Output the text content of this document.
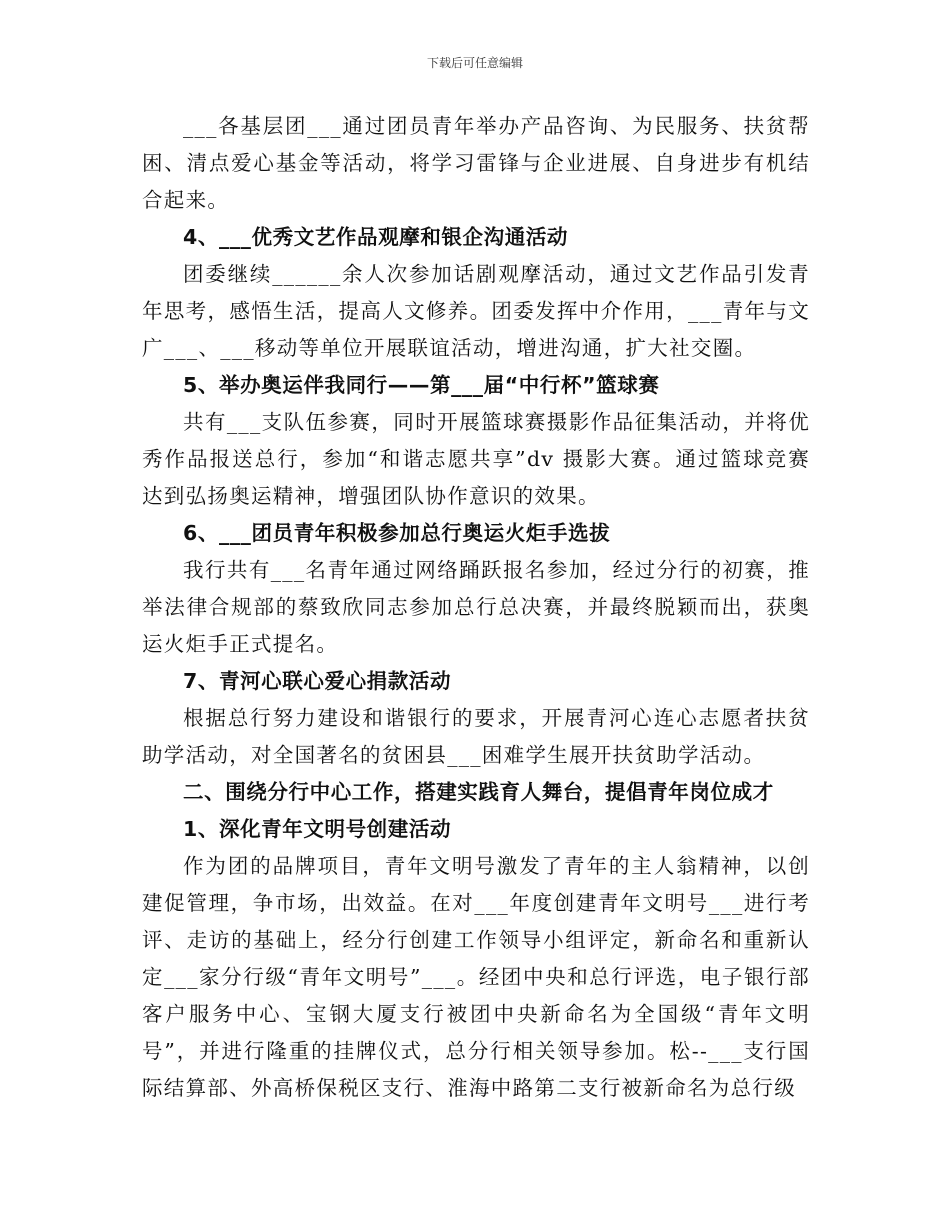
下载后可任意编辑

___各基层团___通过团员青年举办产品咨询、为民服务、扶贫帮困、清点爱心基金等活动，将学习雷锋与企业进展、自身进步有机结合起来。

4、___优秀文艺作品观摩和银企沟通活动

团委继续______余人次参加话剧观摩活动，通过文艺作品引发青年思考，感悟生活，提高人文修养。团委发挥中介作用，___青年与文广___、___移动等单位开展联谊活动，增进沟通，扩大社交圈。

5、举办奥运伴我同行——第___届“中行杯”篮球赛

共有___支队伍参赛，同时开展篮球赛摄影作品征集活动，并将优秀作品报送总行，参加“和谐志愿共享”dv 摄影大赛。通过篮球竞赛达到弘扬奥运精神，增强团队协作意识的效果。

6、___团员青年积极参加总行奥运火炬手选拔

我行共有___名青年通过网络踊跃报名参加，经过分行的初赛，推举法律合规部的蔡致欣同志参加总行总决赛，并最终脱颖而出，获奥运火炬手正式提名。

7、青河心联心爱心捐款活动

根据总行努力建设和谐银行的要求，开展青河心连心志愿者扶贫助学活动，对全国著名的贫困县___困难学生展开扶贫助学活动。

二、围绕分行中心工作，搭建实践育人舞台，提倡青年岗位成才

1、深化青年文明号创建活动

作为团的品牌项目，青年文明号激发了青年的主人翁精神，以创建促管理，争市场，出效益。在对___年度创建青年文明号___进行考评、走访的基础上，经分行创建工作领导小组评定，新命名和重新认定___家分行级“青年文明号”___。经团中央和总行评选，电子银行部客户服务中心、宝钢大厦支行被团中央新命名为全国级“青年文明号”，并进行隆重的挂牌仪式，总分行相关领导参加。松--___支行国际结算部、外高桥保税区支行、淮海中路第二支行被新命名为总行级
